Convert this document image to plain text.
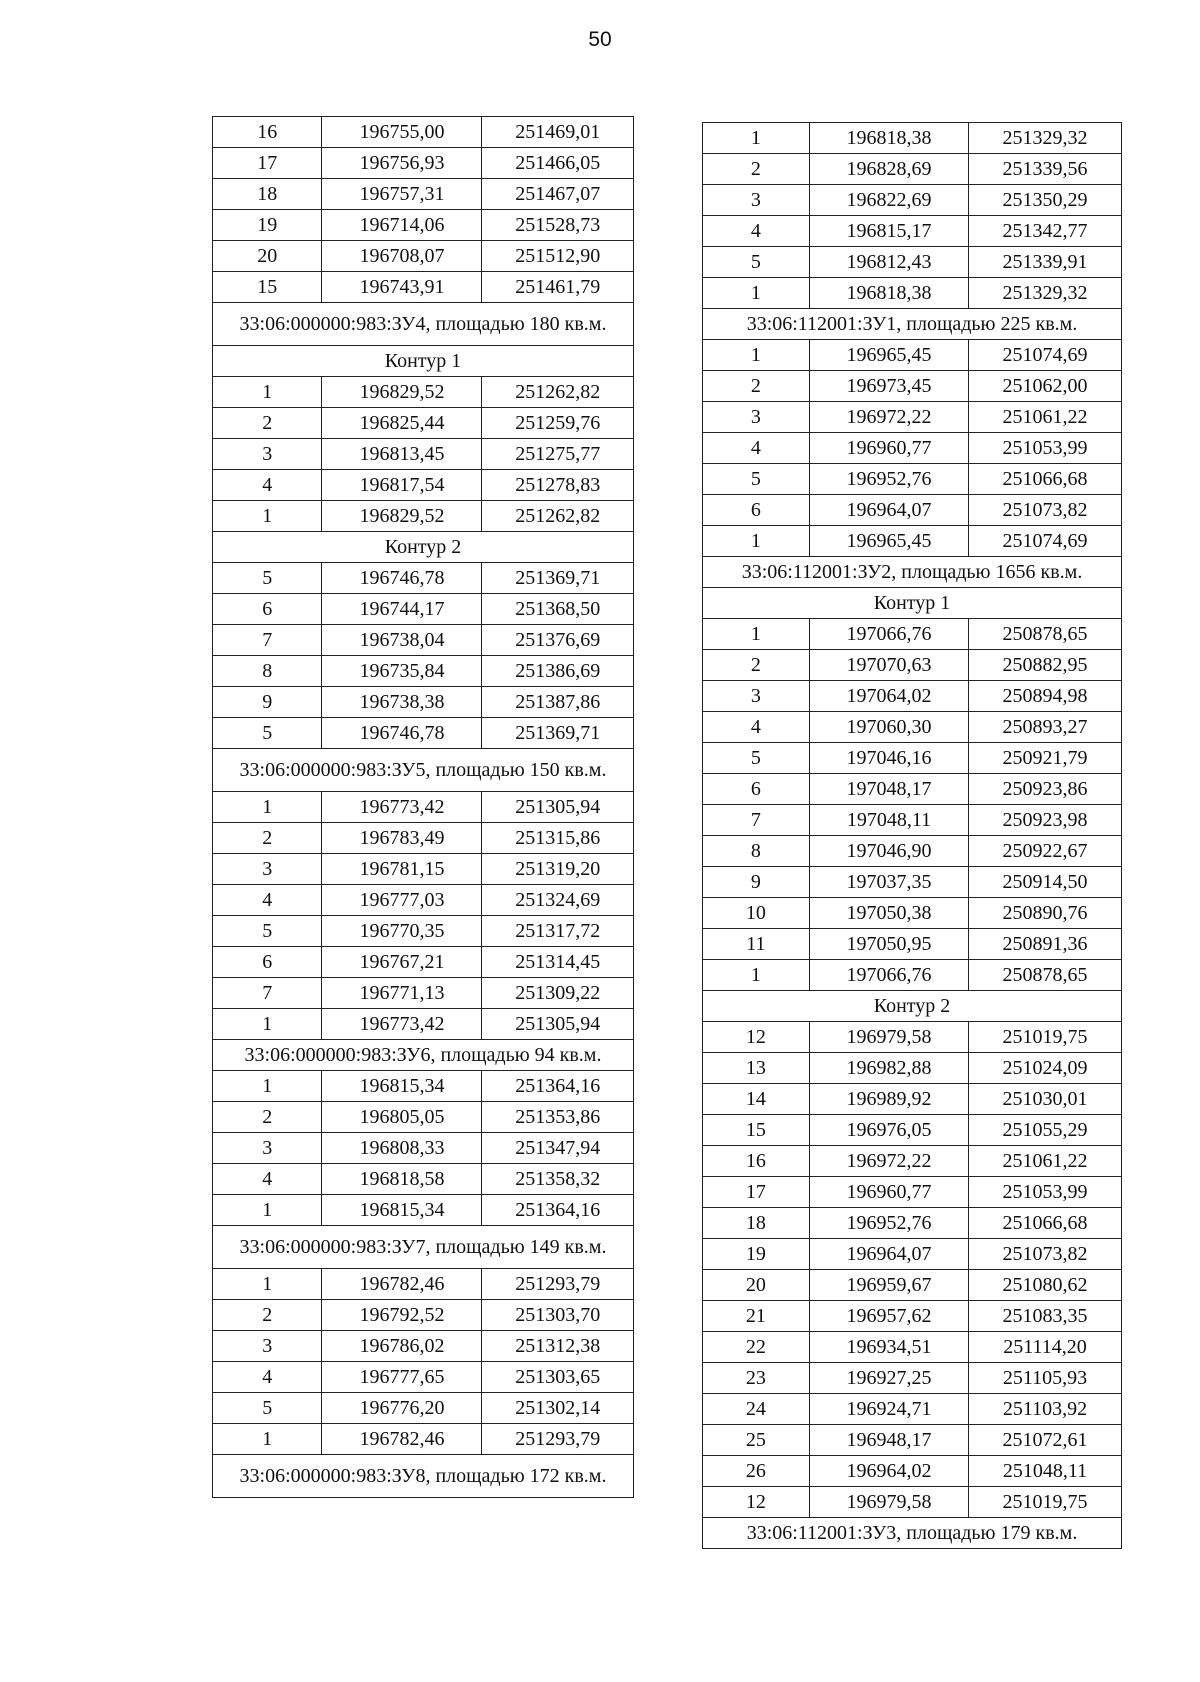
50
16	196755,00	251469,01
17	196756,93	251466,05
18	196757,31	251467,07
19	196714,06	251528,73
20	196708,07	251512,90
15	196743,91	251461,79
33:06:000000:983:ЗУ4, площадью 180 кв.м.		
Контур 1		
1	196829,52	251262,82
2	196825,44	251259,76
3	196813,45	251275,77
4	196817,54	251278,83
1	196829,52	251262,82
Контур 2		
5	196746,78	251369,71
6	196744,17	251368,50
7	196738,04	251376,69
8	196735,84	251386,69
9	196738,38	251387,86
5	196746,78	251369,71
33:06:000000:983:ЗУ5, площадью 150 кв.м.		
1	196773,42	251305,94
2	196783,49	251315,86
3	196781,15	251319,20
4	196777,03	251324,69
5	196770,35	251317,72
6	196767,21	251314,45
7	196771,13	251309,22
1	196773,42	251305,94
33:06:000000:983:ЗУ6, площадью 94 кв.м.		
1	196815,34	251364,16
2	196805,05	251353,86
3	196808,33	251347,94
4	196818,58	251358,32
1	196815,34	251364,16
33:06:000000:983:ЗУ7, площадью 149 кв.м.		
1	196782,46	251293,79
2	196792,52	251303,70
3	196786,02	251312,38
4	196777,65	251303,65
5	196776,20	251302,14
1	196782,46	251293,79
33:06:000000:983:ЗУ8, площадью 172 кв.м.		
1	196818,38	251329,32
2	196828,69	251339,56
3	196822,69	251350,29
4	196815,17	251342,77
5	196812,43	251339,91
1	196818,38	251329,32
33:06:112001:ЗУ1, площадью 225 кв.м.		
1	196965,45	251074,69
2	196973,45	251062,00
3	196972,22	251061,22
4	196960,77	251053,99
5	196952,76	251066,68
6	196964,07	251073,82
1	196965,45	251074,69
33:06:112001:ЗУ2, площадью 1656 кв.м.		
Контур 1		
1	197066,76	250878,65
2	197070,63	250882,95
3	197064,02	250894,98
4	197060,30	250893,27
5	197046,16	250921,79
6	197048,17	250923,86
7	197048,11	250923,98
8	197046,90	250922,67
9	197037,35	250914,50
10	197050,38	250890,76
11	197050,95	250891,36
1	197066,76	250878,65
Контур 2		
12	196979,58	251019,75
13	196982,88	251024,09
14	196989,92	251030,01
15	196976,05	251055,29
16	196972,22	251061,22
17	196960,77	251053,99
18	196952,76	251066,68
19	196964,07	251073,82
20	196959,67	251080,62
21	196957,62	251083,35
22	196934,51	251114,20
23	196927,25	251105,93
24	196924,71	251103,92
25	196948,17	251072,61
26	196964,02	251048,11
12	196979,58	251019,75
33:06:112001:ЗУ3, площадью 179 кв.м.		
